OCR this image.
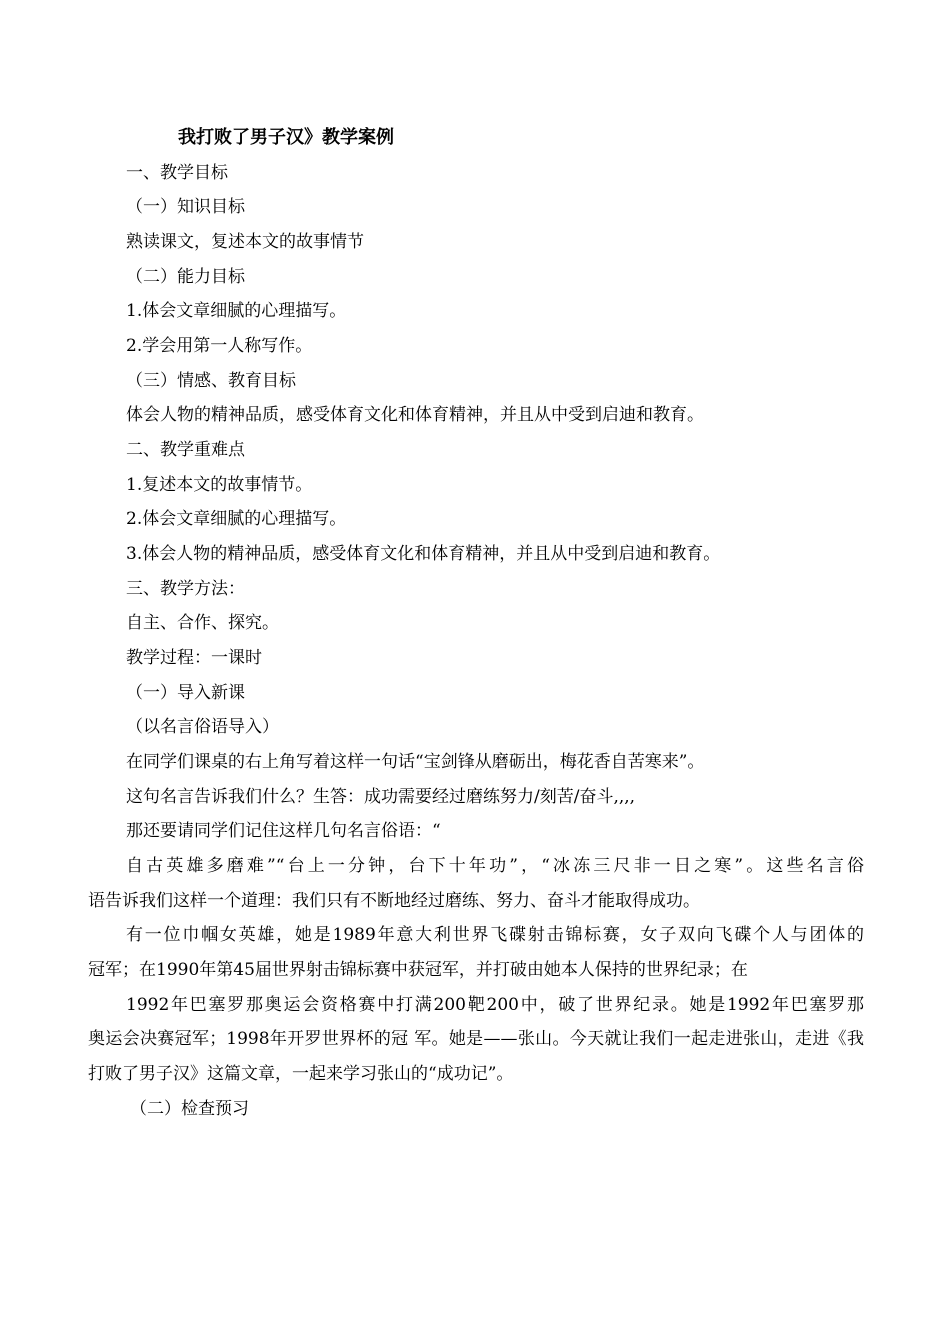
我打败了男子汉》教学案例
一、教学目标
（一）知识目标
熟读课文，复述本文的故事情节
（二）能力目标
1.体会文章细腻的心理描写。
2.学会用第一人称写作。
（三）情感、教育目标
体会人物的精神品质，感受体育文化和体育精神，并且从中受到启迪和教育。
二、教学重难点
1.复述本文的故事情节。
2.体会文章细腻的心理描写。
3.体会人物的精神品质，感受体育文化和体育精神，并且从中受到启迪和教育。
三、教学方法：
自主、合作、探究。
教学过程：一课时
（一）导入新课
（以名言俗语导入）
在同学们课桌的右上角写着这样一句话“宝剑锋从磨砺出，梅花香自苦寒来”。
这句名言告诉我们什么？生答：成功需要经过磨练努力/刻苦/奋斗,,,,
那还要请同学们记住这样几句名言俗语：“
自古英雄多磨难”“台上一分钟，台下十年功”，“冰冻三尺非一日之寒”。这些名言俗
语告诉我们这样一个道理：我们只有不断地经过磨练、努力、奋斗才能取得成功。
有一位巾帼女英雄，她是1989年意大利世界飞碟射击锦标赛，女子双向飞碟个人与团体的
冠军；在1990年第45届世界射击锦标赛中获冠军，并打破由她本人保持的世界纪录；在
1992年巴塞罗那奥运会资格赛中打满200靶200中，破了世界纪录。她是1992年巴塞罗那
奥运会决赛冠军；1998年开罗世界杯的冠 军。她是——张山。今天就让我们一起走进张山，走进《我
打败了男子汉》这篇文章，一起来学习张山的“成功记”。
（二）检查预习
